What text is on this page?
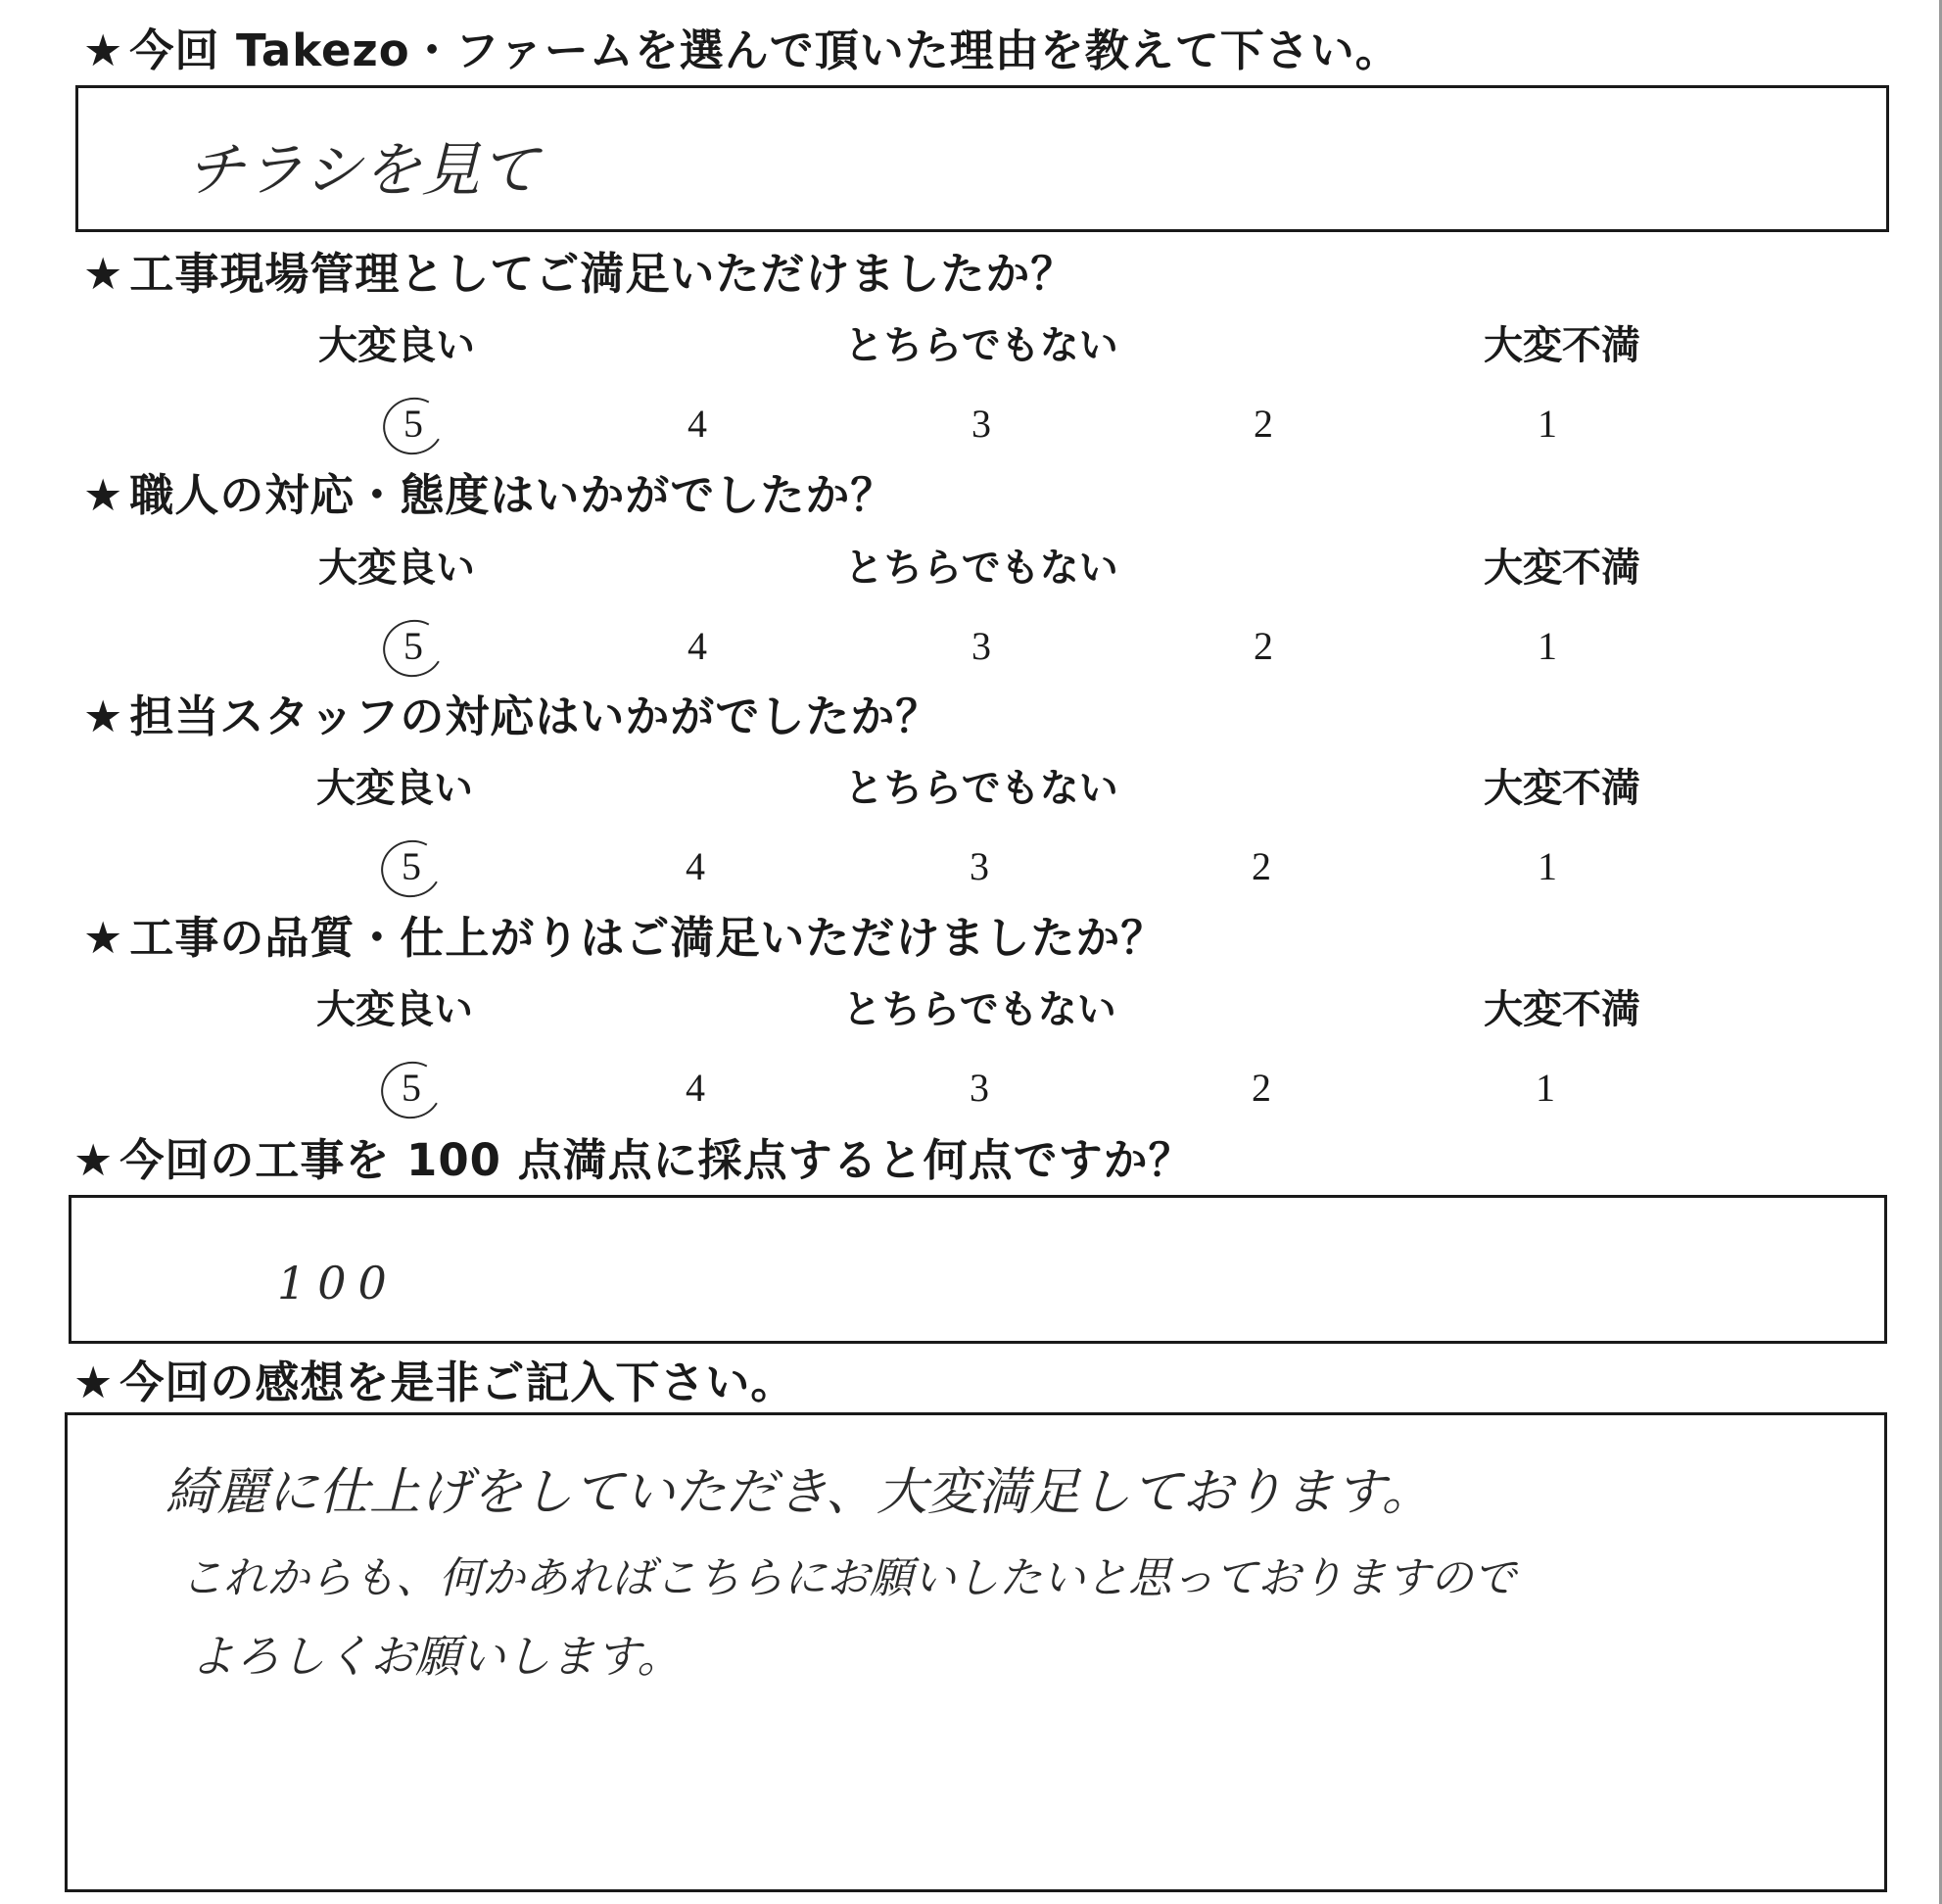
★ 今回 Takezo・ファームを選んで頂いた理由を教えて下さい。
チラシを見て
★ 工事現場管理としてご満足いただけましたか？
大変良い	とちらでもない	大変不満
5	4	3	2	1
★ 職人の対応・態度はいかがでしたか？
大変良い	とちらでもない	大変不満
5	4	3	2	1
★ 担当スタッフの対応はいかがでしたか？
大変良い	とちらでもない	大変不満
5	4	3	2	1
★ 工事の品質・仕上がりはご満足いただけましたか？
大変良い	とちらでもない	大変不満
5	4	3	2	1
★ 今回の工事を 100 点満点に採点すると何点ですか？
100
★ 今回の感想を是非ご記入下さい。
綺麗に仕上げをしていただき、大変満足しております。
これからも、何かあればこちらにお願いしたいと思っておりますので
よろしくお願いします。
